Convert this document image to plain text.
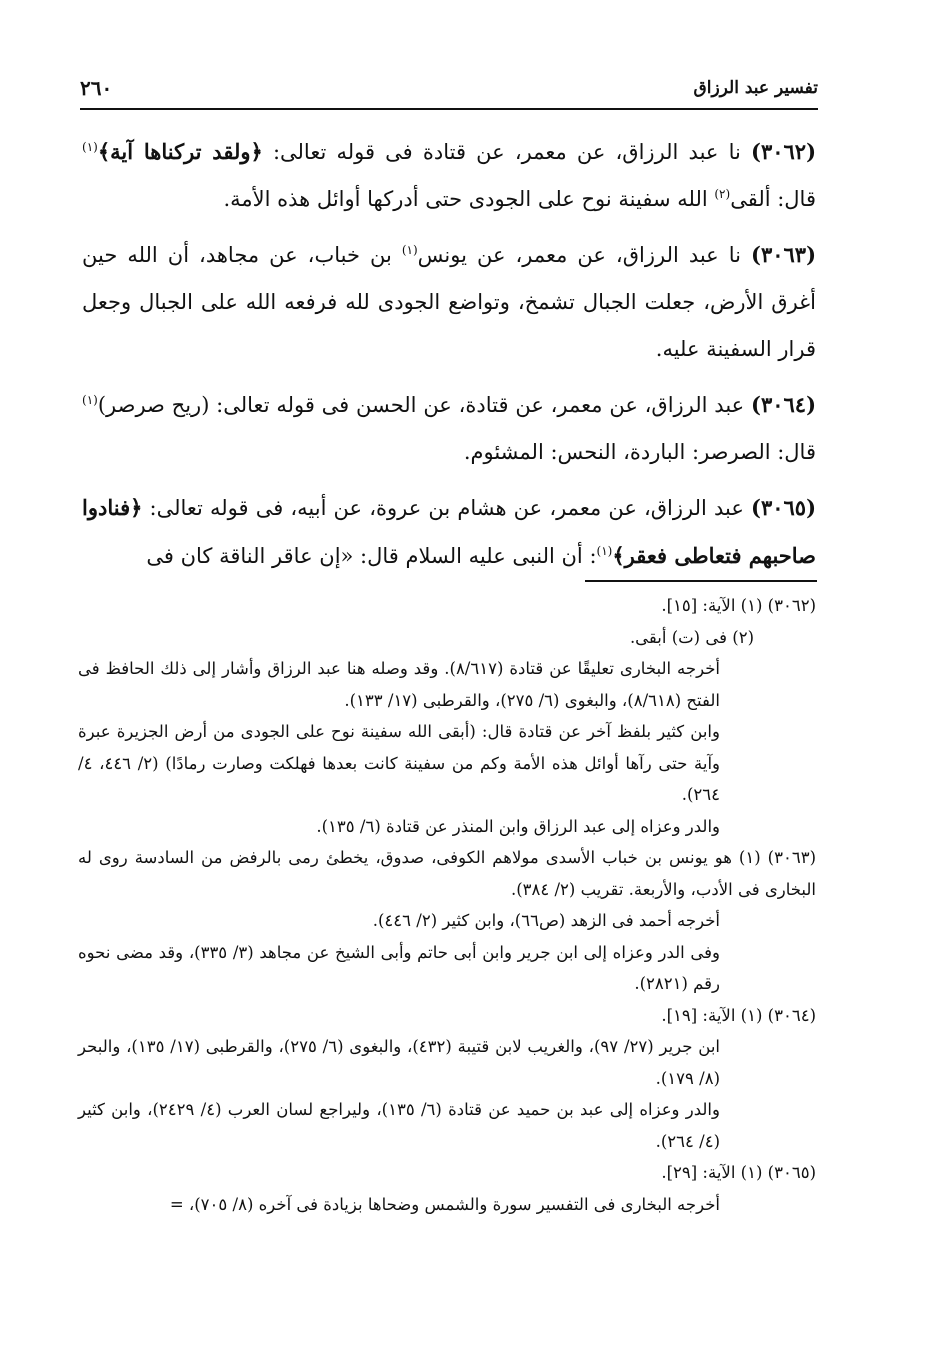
تفسير عبد الرزاق
٢٦٠

(٣٠٦٢) نا عبد الرزاق، عن معمر، عن قتادة فى قوله تعالى: ﴿ولقد تركناها آية﴾$^{(١)}$ قال: ألقى$^{(٢)}$ الله سفينة نوح على الجودى حتى أدركها أوائل هذه الأمة.

(٣٠٦٣) نا عبد الرزاق، عن معمر، عن يونس$^{(١)}$ بن خباب، عن مجاهد، أن الله حين أغرق الأرض، جعلت الجبال تشمخ، وتواضع الجودى لله فرفعه الله على الجبال وجعل قرار السفينة عليه.

(٣٠٦٤) عبد الرزاق، عن معمر، عن قتادة، عن الحسن فى قوله تعالى: (ريح صرصر)$^{(١)}$ قال: الصرصر: الباردة، النحس: المشئوم.

(٣٠٦٥) عبد الرزاق، عن معمر، عن هشام بن عروة، عن أبيه، فى قوله تعالى: ﴿فنادوا صاحبهم فتعاطى فعقر﴾$^{(١)}$: أن النبى عليه السلام قال: «إن عاقر الناقة كان فى

(٣٠٦٢) (١) الآية: [١٥].
(٢) فى (ت) أبقى.
أخرجه البخارى تعليقًا عن قتادة (٨/٦١٧). وقد وصله هنا عبد الرزاق وأشار إلى ذلك الحافظ فى الفتح (٨/٦١٨)، والبغوى (٦/ ٢٧٥)، والقرطبى (١٧/ ١٣٣).
وابن كثير بلفظ آخر عن قتادة قال: (أبقى الله سفينة نوح على الجودى من أرض الجزيرة عبرة وآية حتى رآها أوائل هذه الأمة وكم من سفينة كانت بعدها فهلكت وصارت رمادًا) (٢/ ٤٤٦، ٤/ ٢٦٤).
والدر وعزاه إلى عبد الرزاق وابن المنذر عن قتادة (٦/ ١٣٥).
(٣٠٦٣) (١) هو يونس بن خباب الأسدى مولاهم الكوفى، صدوق، يخطئ رمى بالرفض من السادسة روى له البخارى فى الأدب، والأربعة. تقريب (٢/ ٣٨٤).
أخرجه أحمد فى الزهد (ص٦٦)، وابن كثير (٢/ ٤٤٦).
وفى الدر وعزاه إلى ابن جرير وابن أبى حاتم وأبى الشيخ عن مجاهد (٣/ ٣٣٥)، وقد مضى نحوه رقم (٢٨٢١).
(٣٠٦٤) (١) الآية: [١٩].
ابن جرير (٢٧/ ٩٧)، والغريب لابن قتيبة (٤٣٢)، والبغوى (٦/ ٢٧٥)، والقرطبى (١٧/ ١٣٥)، والبحر (٨/ ١٧٩).
والدر وعزاه إلى عبد بن حميد عن قتادة (٦/ ١٣٥)، وليراجع لسان العرب (٤/ ٢٤٢٩)، وابن كثير (٤/ ٢٦٤).
(٣٠٦٥) (١) الآية: [٢٩].
أخرجه البخارى فى التفسير سورة والشمس وضحاها بزيادة فى آخره (٨/ ٧٠٥)، =
